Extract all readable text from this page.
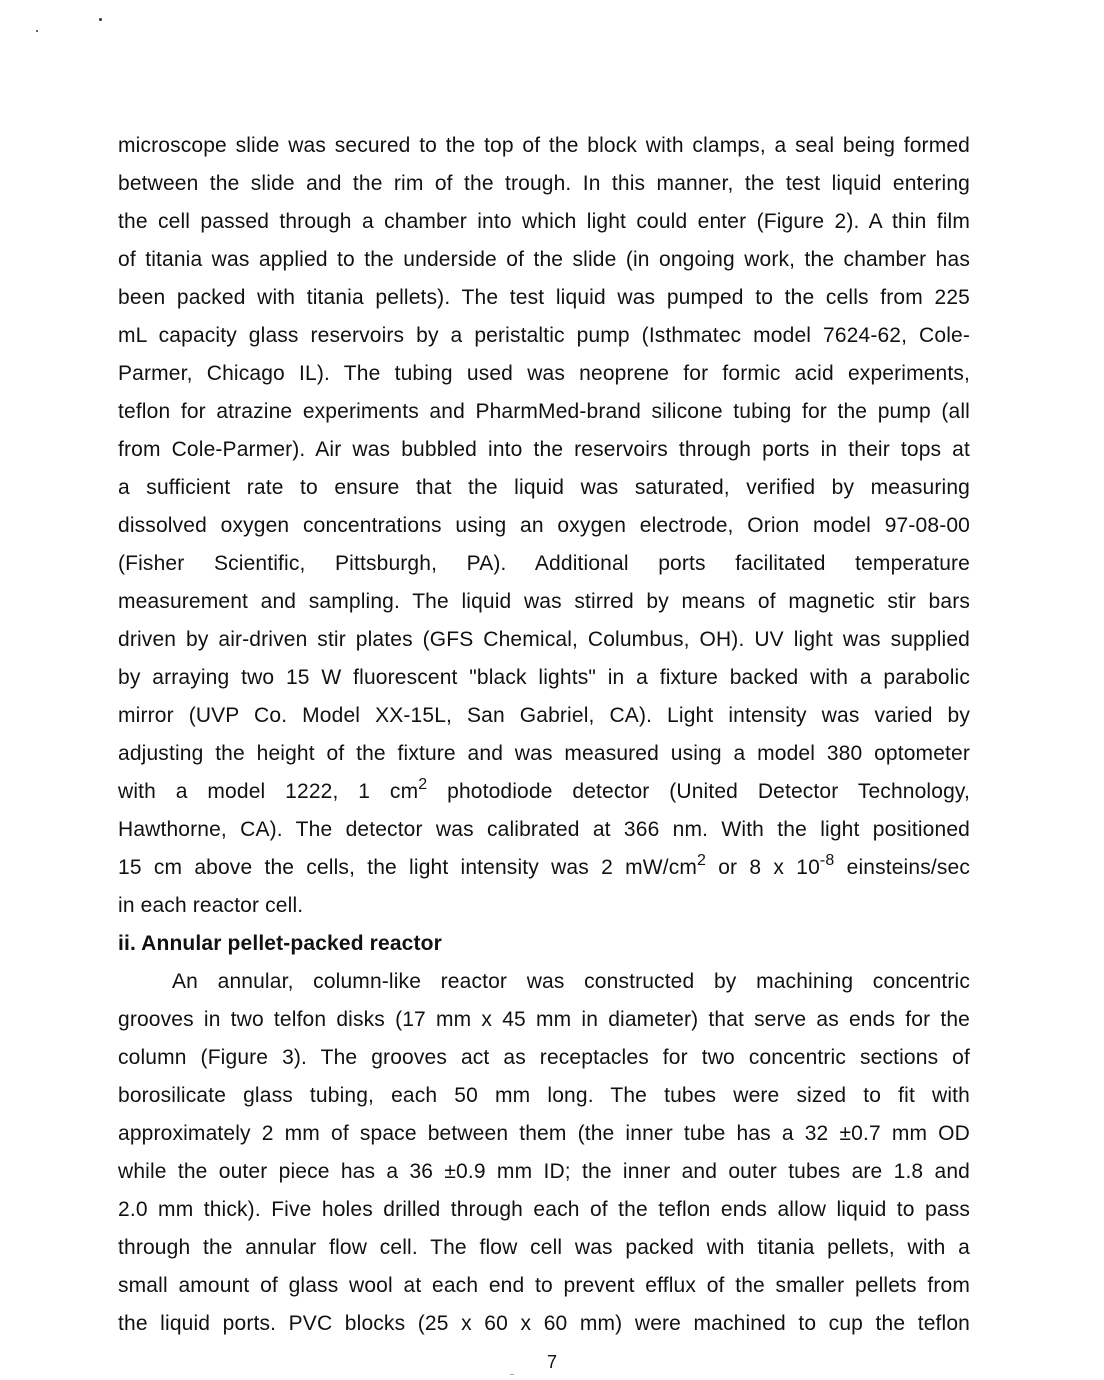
microscope slide was secured to the top of the block with clamps, a seal being formed
between the slide and the rim of the trough. In this manner, the test liquid entering
the cell passed through a chamber into which light could enter (Figure 2). A thin film
of titania was applied to the underside of the slide (in ongoing work, the chamber has
been packed with titania pellets). The test liquid was pumped to the cells from 225
mL capacity glass reservoirs by a peristaltic pump (Isthmatec model 7624-62, Cole-
Parmer, Chicago IL). The tubing used was neoprene for formic acid experiments,
teflon for atrazine experiments and PharmMed-brand silicone tubing for the pump (all
from Cole-Parmer). Air was bubbled into the reservoirs through ports in their tops at
a sufficient rate to ensure that the liquid was saturated, verified by measuring
dissolved oxygen concentrations using an oxygen electrode, Orion model 97-08-00
(Fisher Scientific, Pittsburgh, PA). Additional ports facilitated temperature
measurement and sampling. The liquid was stirred by means of magnetic stir bars
driven by air-driven stir plates (GFS Chemical, Columbus, OH). UV light was supplied
by arraying two 15 W fluorescent "black lights" in a fixture backed with a parabolic
mirror (UVP Co. Model XX-15L, San Gabriel, CA). Light intensity was varied by
adjusting the height of the fixture and was measured using a model 380 optometer
with a model 1222, 1 $cm^2$ photodiode detector (United Detector Technology,
Hawthorne, CA). The detector was calibrated at 366 nm. With the light positioned
15 cm above the cells, the light intensity was 2 $mW/cm^2$ or 8 x $10^{-8}$ einsteins/sec
in each reactor cell.
ii. Annular pellet-packed reactor
An annular, column-like reactor was constructed by machining concentric
grooves in two telfon disks (17 mm x 45 mm in diameter) that serve as ends for the
column (Figure 3). The grooves act as receptacles for two concentric sections of
borosilicate glass tubing, each 50 mm long. The tubes were sized to fit with
approximately 2 mm of space between them (the inner tube has a 32 ±0.7 mm OD
while the outer piece has a 36 ±0.9 mm ID; the inner and outer tubes are 1.8 and
2.0 mm thick). Five holes drilled through each of the teflon ends allow liquid to pass
through the annular flow cell. The flow cell was packed with titania pellets, with a
small amount of glass wool at each end to prevent efflux of the smaller pellets from
the liquid ports. PVC blocks (25 x 60 x 60 mm) were machined to cup the teflon
7
